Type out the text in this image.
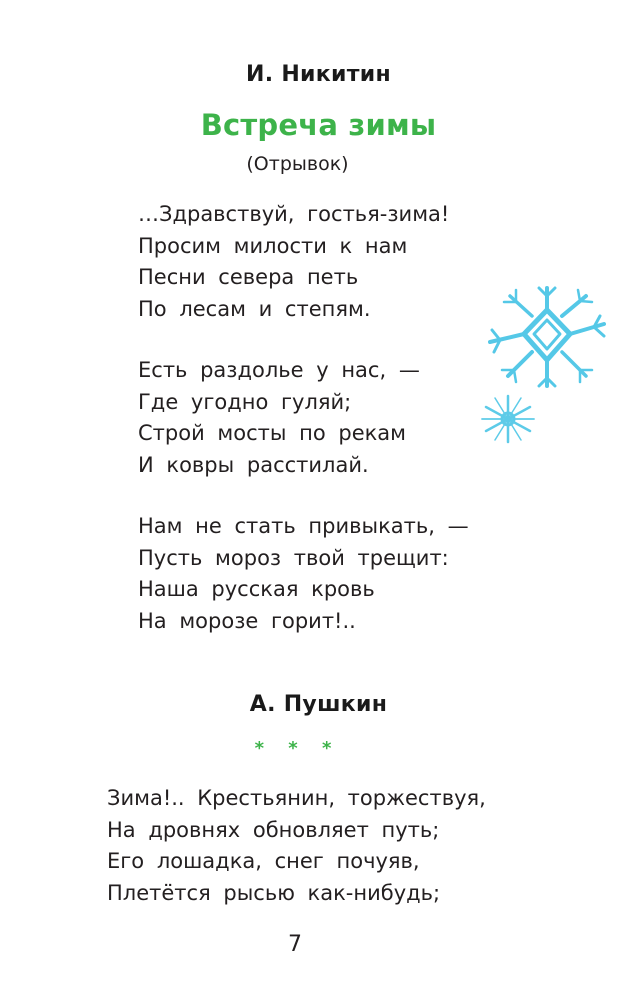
И. Никитин
Встреча зимы
(Отрывок)
…Здравствуй, гостья-зима!
Просим милости к нам
Песни севера петь
По лесам и степям.
Есть раздолье у нас, —
Где угодно гуляй;
Строй мосты по рекам
И ковры расстилай.
Нам не стать привыкать, —
Пусть мороз твой трещит:
Наша русская кровь
На морозе горит!..
А. Пушкин
* * *
Зима!.. Крестьянин, торжествуя,
На дровнях обновляет путь;
Его лошадка, снег почуяв,
Плетётся рысью как-нибудь;
7
